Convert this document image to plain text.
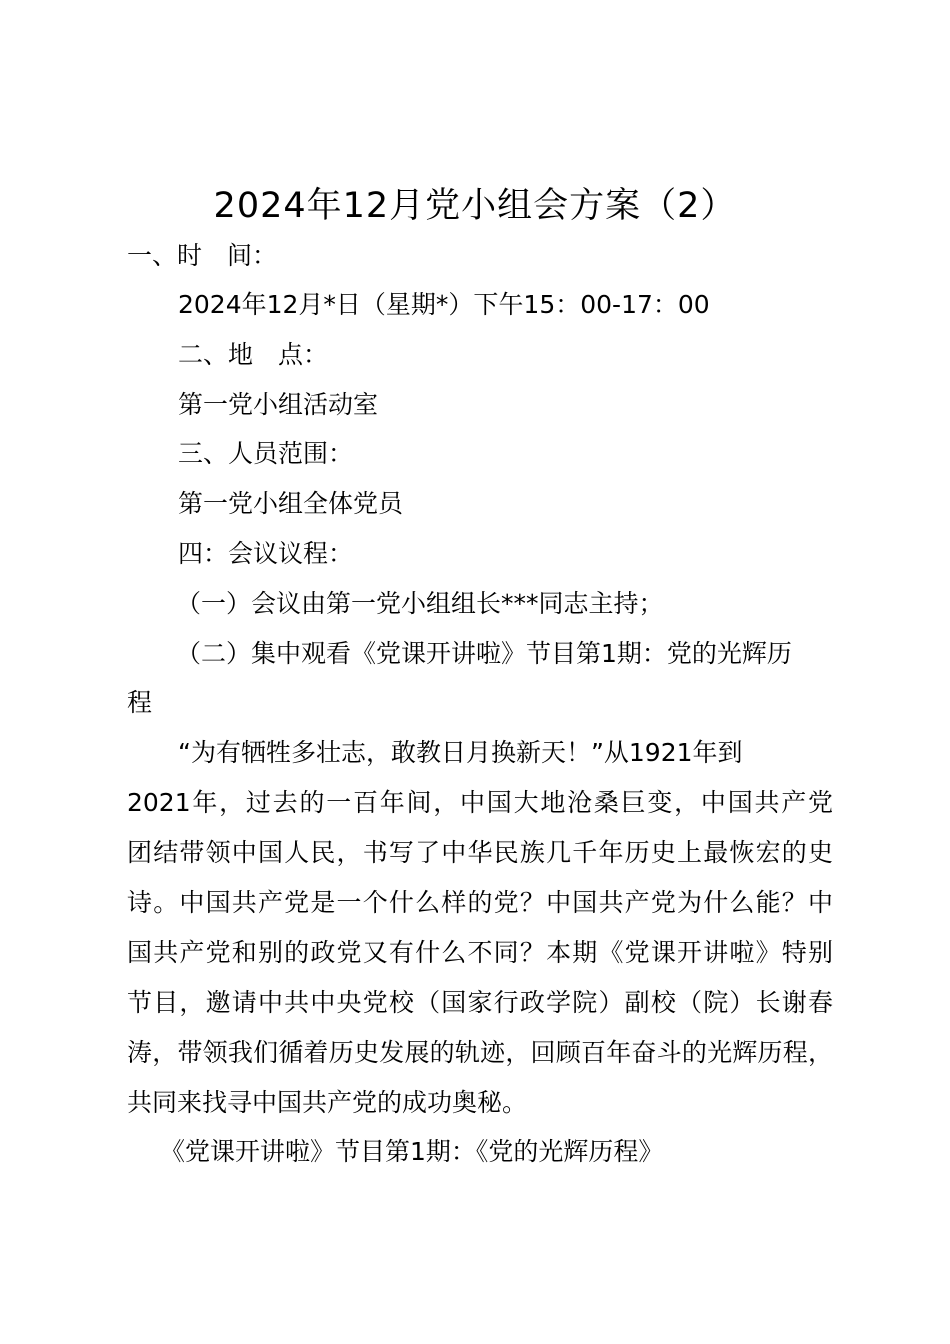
2024年12月党小组会方案（2）
一、时　间：
2024年12月*日（星期*）下午15：00-17：00
二、地　点：
第一党小组活动室
三、人员范围：
第一党小组全体党员
四：会议议程：
（一）会议由第一党小组组长***同志主持；
（二）集中观看《党课开讲啦》节目第1期：党的光辉历
程
“为有牺牲多壮志，敢教日月换新天！”从1921年到
2021年，过去的一百年间，中国大地沧桑巨变，中国共产党
团结带领中国人民，书写了中华民族几千年历史上最恢宏的史
诗。中国共产党是一个什么样的党？中国共产党为什么能？中
国共产党和别的政党又有什么不同？本期《党课开讲啦》特别
节目，邀请中共中央党校（国家行政学院）副校（院）长谢春
涛，带领我们循着历史发展的轨迹，回顾百年奋斗的光辉历程，
共同来找寻中国共产党的成功奥秘。
《党课开讲啦》节目第1期：《党的光辉历程》
